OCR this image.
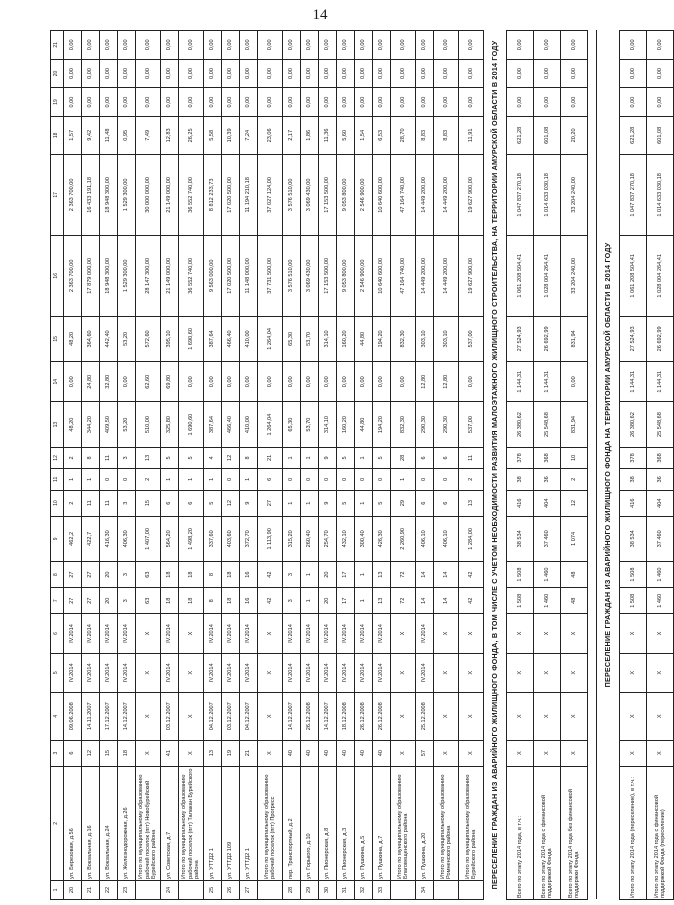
14
1	2	3	4	5	6	7	8	9	10	11	12	13	14	15	16	17	18	19	20	21
20	ул. Березовая, д.56	6	09.06.2008	IV.2014	IV.2014	27	27	462,2	2	1	2	48,20	0,00	48,20	2 363 700,00	2 363 700,00	1,57	0,00	0,00	0,00
21	ул. Вокзальная, д.16	12	14.11.2007	IV.2014	IV.2014	27	27	422,7	11	1	8	344,20	24,80	364,60	17 879 000,00	16 433 191,18	9,42	0,00	0,00	0,00
22	ул. Вокзальная, д.24	15	17.12.2007	IV.2014	IV.2014	20	20	416,30	11	0	11	409,50	32,80	442,40	18 948 300,00	18 948 300,00	11,48	0,00	0,00	0,00
23	ул. Железнодорожная, д.26	18	14.12.2007	IV.2014	IV.2014	3	3	406,30	3	0	3	53,20	0,00	53,20	1 529 300,00	1 529 300,00	0,95	0,00	0,00	0,00
	Итого по муниципальному образованию рабочий поселок (пгт) Новобурейский Бурейского района	X	X	X	X	63	63	1 407,00	15	2	13	510,00	62,60	572,60	28 147 300,00	30 000 000,00	7,49	0,00	0,00	0,00
24	ул. Советская, д.7	41	03.12.2007	IV.2014	IV.2014	18	18	564,20	6	1	5	325,80	69,80	395,10	21 149 000,00	21 149 000,00	12,83	0,00	0,00	0,00
	Итого по муниципальному образованию рабочий поселок (пгт) Талакан Бурейского района	X	X	X	X	18	18	1 498,20	6	1	5	1 690,60	0,00	1 690,60	36 552 740,00	36 552 740,00	26,25	0,00	0,00	0,00
25	ул. УТТД2 1	13	04.12.2007	IV.2014	IV.2014	8	8	337,60	5	1	4	387,64	0,00	387,64	9 563 000,00	8 812 233,73	5,58	0,00	0,00	0,00
26	ул. УТТД2 109	19	03.12.2007	IV.2014	IV.2014	18	18	403,60	12	0	12	466,40	0,00	466,40	17 020 500,00	17 020 500,00	10,39	0,00	0,00	0,00
27	ул. УТТД2 1	21	04.12.2007	IV.2014	IV.2014	16	16	372,70	9	1	8	410,00	0,00	410,00	11 148 000,00	11 194 210,18	7,24	0,00	0,00	0,00
	Итого по муниципальному образованию рабочий поселок (пгт) Прогресс	X	X	X	X	42	42	1 113,90	27	6	21	1 264,04	0,00	1 264,04	37 731 500,00	37 027 124,00	23,06	0,00	0,00	0,00
28	пер. Транспортный, д.2	40	14.12.2007	IV.2014	IV.2014	3	3	315,20	1	0	1	65,30	0,00	65,30	3 576 510,00	3 576 510,00	2,17	0,00	0,00	0,00
29	ул. Горького, д.10	40	26.12.2008	IV.2014	IV.2014	1	1	260,40	1	0	1	53,70	0,00	53,70	3 069 430,00	3 069 430,00	1,86	0,00	0,00	0,00
30	ул. Пионерская, д.8	40	14.12.2007	IV.2014	IV.2014	20	20	254,70	9	0	9	314,10	0,00	314,10	17 153 500,00	17 153 500,00	11,36	0,00	0,00	0,00
31	ул. Пионерская, д.3	40	18.12.2008	IV.2014	IV.2014	17	17	432,10	5	0	5	160,20	0,00	160,20	9 053 800,00	9 053 800,00	5,60	0,00	0,00	0,00
32	ул. Пушкина, д.5	40	26.12.2008	IV.2014	IV.2014	1	1	300,40	1	0	1	44,80	0,00	44,80	2 546 900,00	2 546 900,00	1,54	0,00	0,00	0,00
33	ул. Пушкина, д.7	40	26.12.2008	IV.2014	IV.2014	13	13	426,30	5	0	5	194,20	0,00	194,20	10 640 600,00	10 640 600,00	6,53	0,00	0,00	0,00
	Итого по муниципальному образованию Благовещенского района	X	X	X	X	72	72	2 260,90	29	1	28	832,30	0,00	832,30	47 164 740,00	47 164 740,00	28,70	0,00	0,00	0,00
34	ул. Пушкина, д.20	57	25.12.2008	IV.2014	IV.2014	14	14	406,10	6	0	6	290,30	12,80	303,10	14 449 200,00	14 449 200,00	8,83	0,00	0,00	0,00
	Итого по муниципальному образованию Ромненского района	X	X	X	X	14	14	406,10	6	0	6	290,30	12,80	303,10	14 449 200,00	14 449 200,00	8,83	0,00	0,00	0,00
	Итого по муниципальному образованию Бурейского района	X	X	X	X	42	42	1 284,00	13	2	11	537,00	0,00	537,00	19 627 900,00	19 627 900,00	11,91	0,00	0,00	0,00
ПЕРЕСЕЛЕНИЕ ГРАЖДАН ИЗ АВАРИЙНОГО ЖИЛИЩНОГО ФОНДА, В ТОМ ЧИСЛЕ С УЧЕТОМ НЕОБХОДИМОСТИ РАЗВИТИЯ МАЛОЭТАЖНОГО ЖИЛИЩНОГО СТРОИТЕЛЬСТВА, НА ТЕРРИТОРИИ АМУРСКОЙ ОБЛАСТИ В 2014 ГОДУ																				
Всего по этапу 2014 года, в т.ч.:		X	X	X	X	1 508	1 508	38 534	416	38	378	26 380,62	1 144,31	27 524,93	1 061 208 504,41	1 047 837 270,18	621,28	0,00	0,00	0,00
Всего по этапу 2014 года с финансовой поддержкой Фонда		X	X	X	X	1 460	1 460	37 460	404	36	368	25 548,68	1 144,31	26 692,99	1 028 004 264,41	1 014 633 030,18	601,08	0,00	0,00	0,00
Всего по этапу 2014 года без финансовой поддержки Фонда		X	X	X	X	48	48	1 074	12	2	10	831,94	0,00	831,94	33 204 240,00	33 204 240,00	20,20	0,00	0,00	0,00

ПЕРЕСЕЛЕНИЕ ГРАЖДАН ИЗ АВАРИЙНОГО ЖИЛИЩНОГО ФОНДА НА ТЕРРИТОРИИ АМУРСКОЙ ОБЛАСТИ В 2014 ГОДУ																				
Итого по этапу 2014 года (переселение), в т.ч.:		X	X	X	X	1 508	1 508	38 534	416	38	378	26 380,62	1 144,31	27 524,93	1 061 208 504,41	1 047 837 270,18	621,28	0,00	0,00	0,00
Итого по этапу 2014 года с финансовой поддержкой Фонда (переселение)		X	X	X	X	1 460	1 460	37 460	404	36	368	25 548,68	1 144,31	26 692,99	1 028 004 264,41	1 014 633 030,18	601,08	0,00	0,00	0,00
